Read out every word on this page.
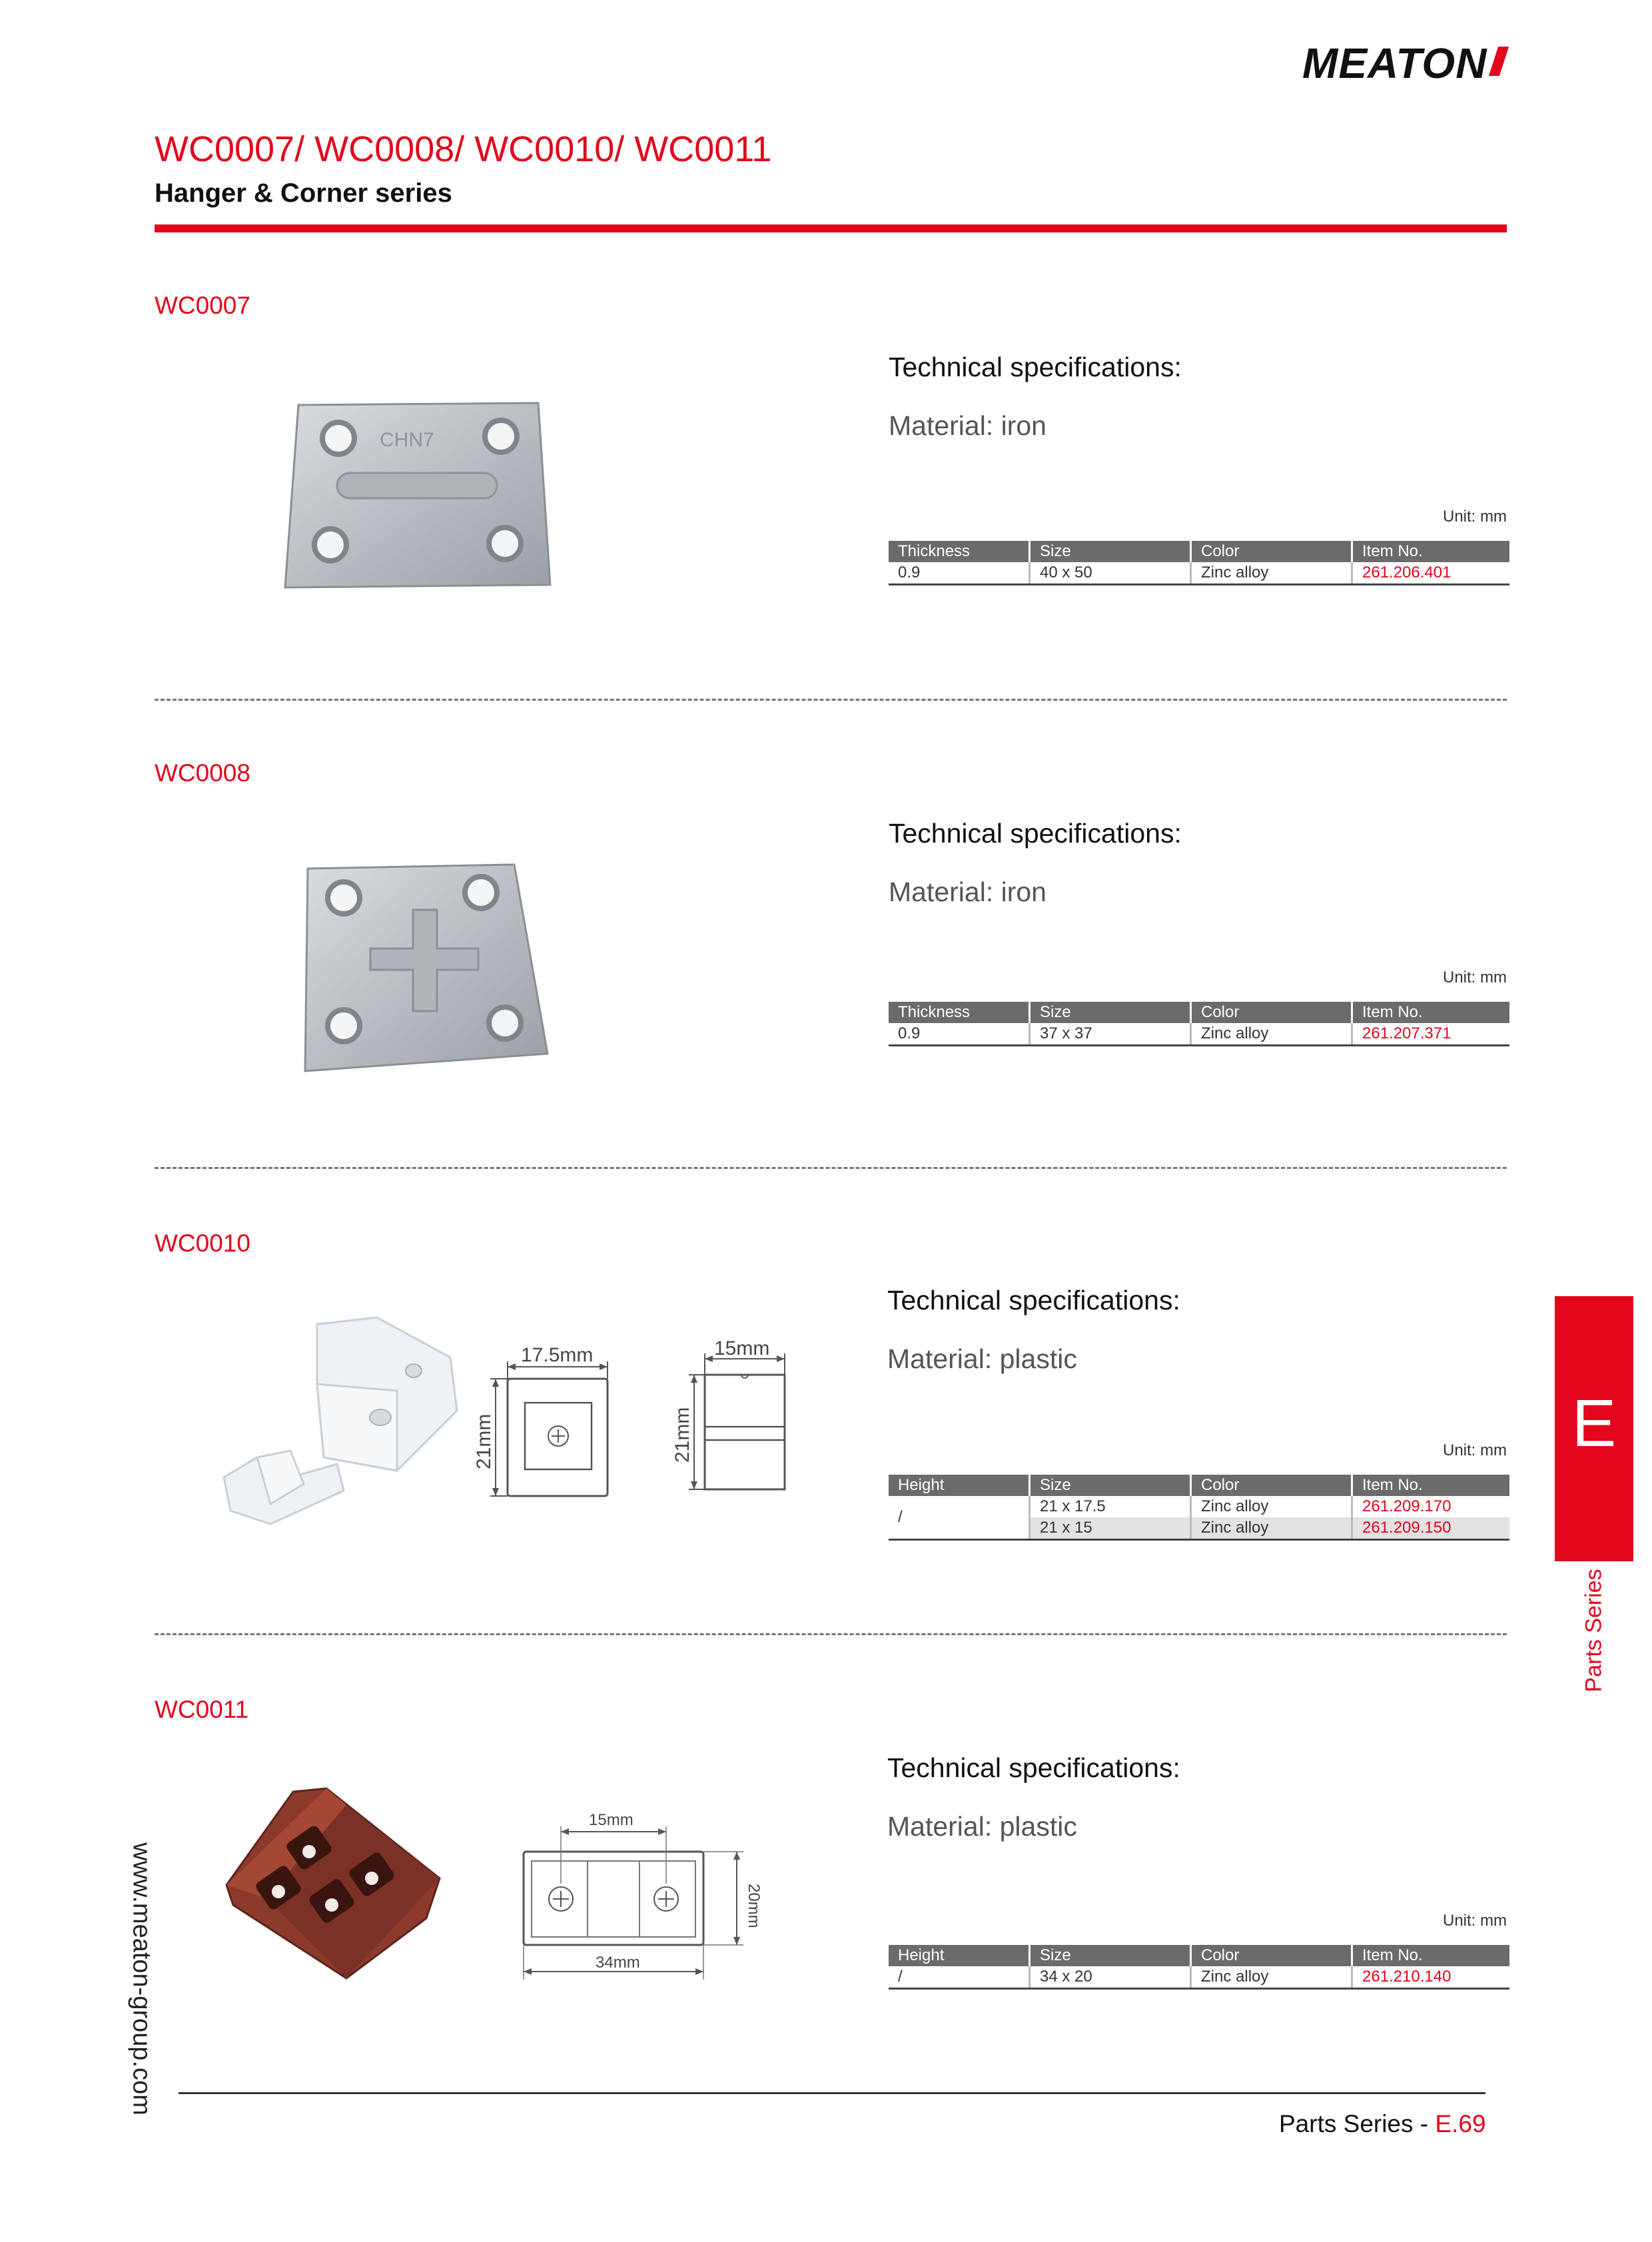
MEATON
WC0007/ WC0008/ WC0010/ WC0011
Hanger & Corner series
WC0007
CHN7
Technical specifications:
Material: iron
Unit: mm
Thickness	Size	Color	Item No.
0.9	40 x 50	Zinc alloy	261.206.401
WC0008
Technical specifications:
Material: iron
Unit: mm
Thickness	Size	Color	Item No.
0.9	37 x 37	Zinc alloy	261.207.371
WC0010
17.5mm
21mm
15mm
21mm
Technical specifications:
Material: plastic
Unit: mm
Height	Size	Color	Item No.
/	21 x 17.5	Zinc alloy	261.209.170
	21 x 15	Zinc alloy	261.209.150
WC0011
15mm
34mm
20mm
Technical specifications:
Material: plastic
Unit: mm
Height	Size	Color	Item No.
/	34 x 20	Zinc alloy	261.210.140
E
Parts Series
www.meaton-group.com
Parts Series - E.69
